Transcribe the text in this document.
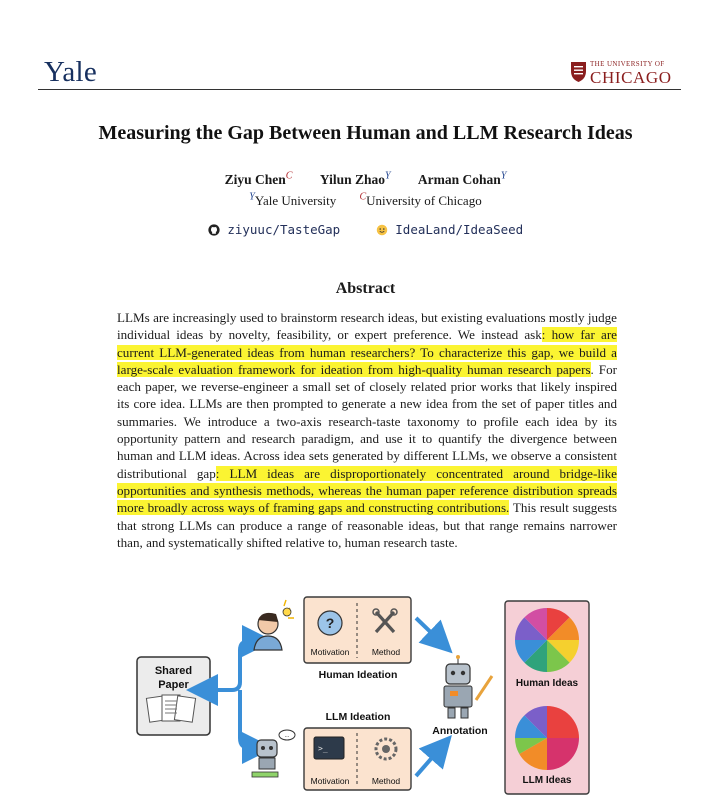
Yale	THE UNIVERSITY OF
CHICAGO
Measuring the Gap Between Human and LLM Research Ideas
Ziyu Chen$^C$ Yilun Zhao$^Y$ Arman Cohan$^Y$
$^Y$Yale University $^C$University of Chicago
ziyuuc/TasteGap	IdeaLand/IdeaSeed
Abstract
LLMs are increasingly used to brainstorm research ideas, but existing evaluations mostly judge individual ideas by novelty, feasibility, or expert preference. We instead ask: how far are current LLM-generated ideas from human researchers? To characterize this gap, we build a large-scale evaluation framework for ideation from high-quality human research papers. For each paper, we reverse-engineer a small set of closely related prior works that likely inspired its core idea. LLMs are then prompted to generate a new idea from the set of paper titles and summaries. We introduce a two-axis research-taste taxonomy to profile each idea by its opportunity pattern and research paradigm, and use it to quantify the divergence between human and LLM ideas. Across idea sets generated by different LLMs, we observe a consistent distributional gap: LLM ideas are disproportionately concentrated around bridge-like opportunities and synthesis methods, whereas the human paper reference distribution spreads more broadly across ways of framing gaps and constructing contributions. This result suggests that strong LLMs can produce a range of reasonable ideas, but that range remains narrower than, and systematically shifted relative to, human research taste.
Shared
Paper
?
Motivation	Method
Human Ideation
LLM Ideation
>_
Motivation	Method
...	Annotation
Human Ideas
LLM Ideas
